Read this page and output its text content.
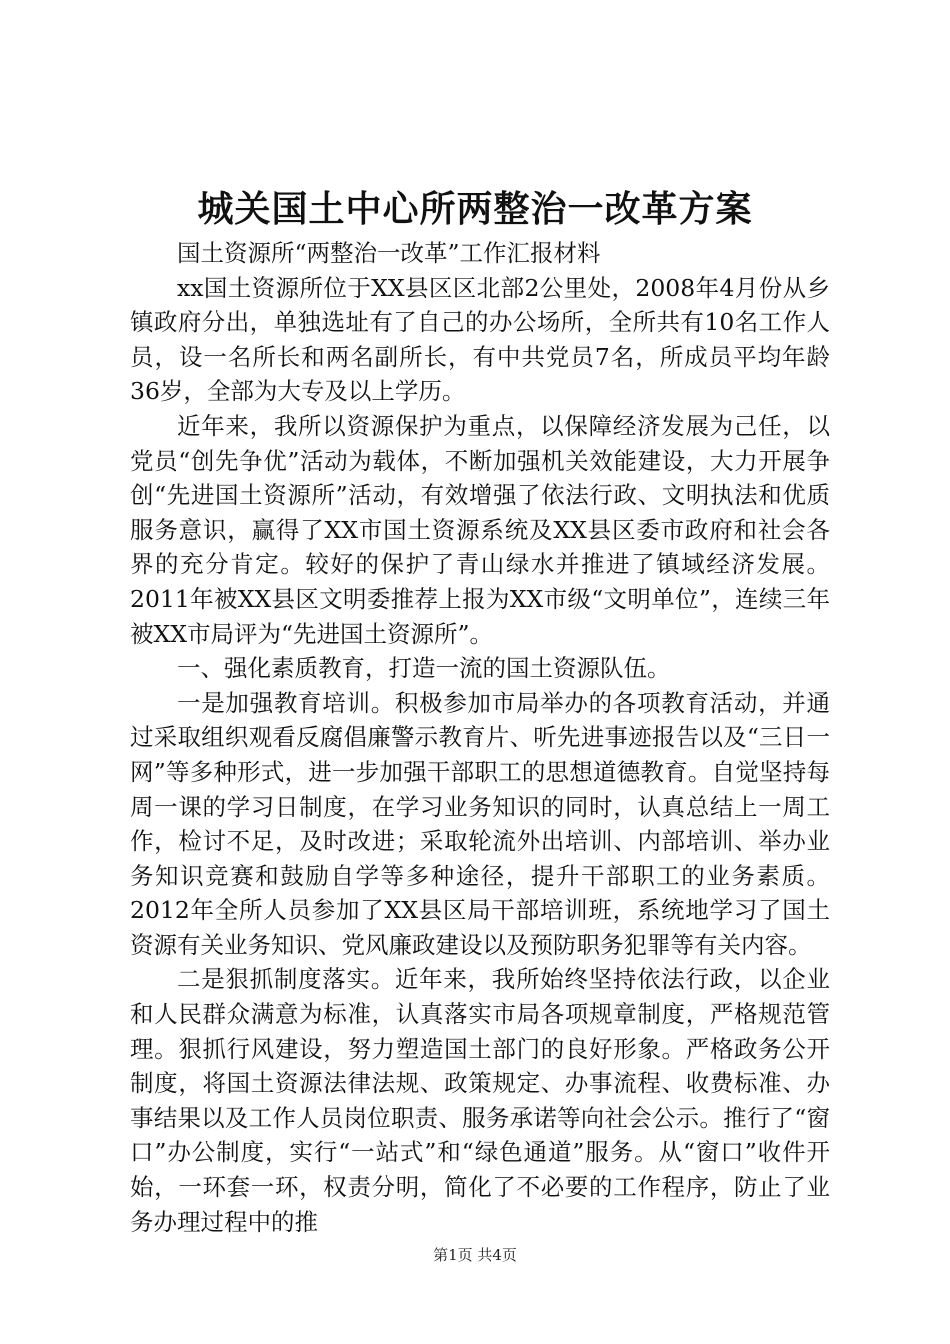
城关国土中心所两整治一改革方案

国土资源所“两整治一改革”工作汇报材料

xx国土资源所位于XX县区区北部2公里处，2008年4月份从乡镇政府分出，单独选址有了自己的办公场所，全所共有10名工作人员，设一名所长和两名副所长，有中共党员7名，所成员平均年龄36岁，全部为大专及以上学历。

近年来，我所以资源保护为重点，以保障经济发展为己任，以党员“创先争优”活动为载体，不断加强机关效能建设，大力开展争创“先进国土资源所”活动，有效增强了依法行政、文明执法和优质服务意识，赢得了XX市国土资源系统及XX县区委市政府和社会各界的充分肯定。较好的保护了青山绿水并推进了镇域经济发展。2011年被XX县区文明委推荐上报为XX市级“文明单位”，连续三年被XX市局评为“先进国土资源所”。

一、强化素质教育，打造一流的国土资源队伍。

一是加强教育培训。积极参加市局举办的各项教育活动，并通过采取组织观看反腐倡廉警示教育片、听先进事迹报告以及“三日一网”等多种形式，进一步加强干部职工的思想道德教育。自觉坚持每周一课的学习日制度，在学习业务知识的同时，认真总结上一周工作，检讨不足，及时改进；采取轮流外出培训、内部培训、举办业务知识竞赛和鼓励自学等多种途径，提升干部职工的业务素质。2012年全所人员参加了XX县区局干部培训班，系统地学习了国土资源有关业务知识、党风廉政建设以及预防职务犯罪等有关内容。

二是狠抓制度落实。近年来，我所始终坚持依法行政，以企业和人民群众满意为标准，认真落实市局各项规章制度，严格规范管理。狠抓行风建设，努力塑造国土部门的良好形象。严格政务公开制度，将国土资源法律法规、政策规定、办事流程、收费标准、办事结果以及工作人员岗位职责、服务承诺等向社会公示。推行了“窗口”办公制度，实行“一站式”和“绿色通道”服务。从“窗口”收件开始，一环套一环，权责分明，简化了不必要的工作程序，防止了业务办理过程中的推

第1页 共4页
